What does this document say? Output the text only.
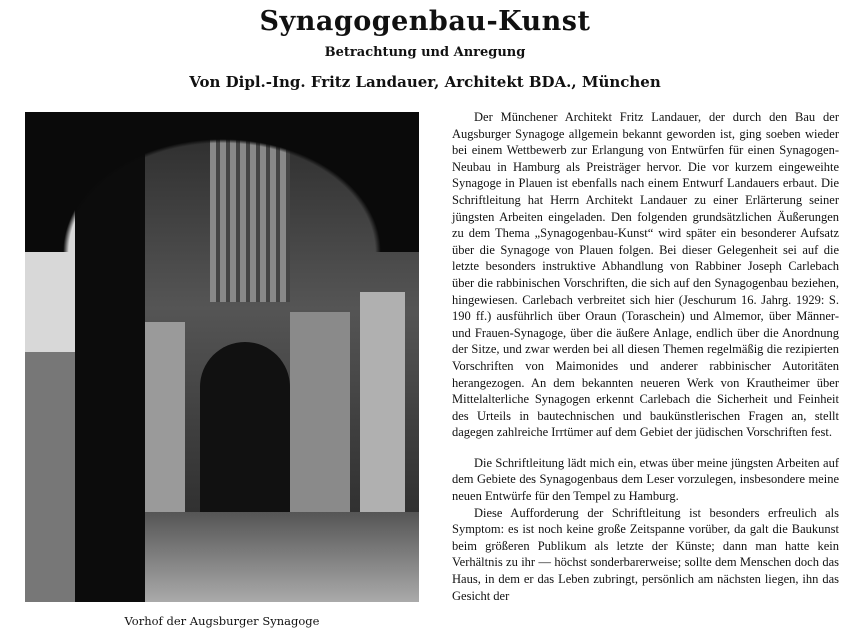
Synagogenbau-Kunst
Betrachtung und Anregung
Von Dipl.-Ing. Fritz Landauer, Architekt BDA., München
Vorhof der Augsburger Synagoge

Der Münchener Architekt Fritz Landauer, der durch den Bau der Augsburger Synagoge allgemein bekannt geworden ist, ging soeben wieder bei einem Wettbewerb zur Erlangung von Entwürfen für einen Synagogen-Neubau in Hamburg als Preisträger hervor. Die vor kurzem eingeweihte Synagoge in Plauen ist ebenfalls nach einem Entwurf Landauers erbaut. Die Schriftleitung hat Herrn Architekt Landauer zu einer Erlärterung seiner jüngsten Arbeiten eingeladen. Den folgenden grundsätzlichen Äußerungen zu dem Thema „Synagogenbau-Kunst“ wird später ein besonderer Aufsatz über die Synagoge von Plauen folgen. Bei dieser Gelegenheit sei auf die letzte besonders instruktive Abhandlung von Rabbiner Joseph Carlebach über die rabbinischen Vorschriften, die sich auf den Synagogenbau beziehen, hingewiesen. Carlebach verbreitet sich hier (Jeschurum 16. Jahrg. 1929: S. 190 ff.) ausführlich über Oraun (Toraschein) und Almemor, über Männer- und Frauen-Synagoge, über die äußere Anlage, endlich über die Anordnung der Sitze, und zwar werden bei all diesen Themen regelmäßig die rezipierten Vorschriften von Maimonides und anderer rabbinischer Autoritäten herangezogen. An dem bekannten neueren Werk von Krautheimer über Mittelalterliche Synagogen erkennt Carlebach die Sicherheit und Feinheit des Urteils in bautechnischen und baukünstlerischen Fragen an, stellt dagegen zahlreiche Irrtümer auf dem Gebiet der jüdischen Vorschriften fest.

Die Schriftleitung lädt mich ein, etwas über meine jüngsten Arbeiten auf dem Gebiete des Synagogenbaus dem Leser vorzulegen, insbesondere meine neuen Entwürfe für den Tempel zu Hamburg.

Diese Aufforderung der Schriftleitung ist besonders erfreulich als Symptom: es ist noch keine große Zeitspanne vorüber, da galt die Baukunst beim größeren Publikum als letzte der Künste; dann man hatte kein Verhältnis zu ihr — höchst sonderbarerweise; sollte dem Menschen doch das Haus, in dem er das Leben zubringt, persönlich am nächsten liegen, ihn das Gesicht der
